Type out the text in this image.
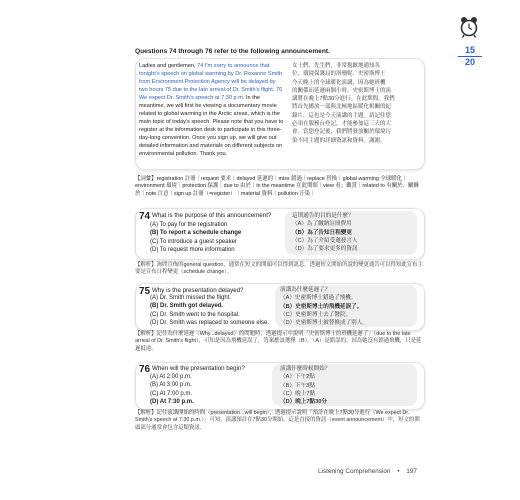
15
20
Questions 74 through 76 refer to the following announcement.
Ladies and gentlemen, 74 I'm sorry to announce that
tonight's speech on global warming by Dr. Roxanne Smith
from Environment Protection Agency will be delayed by
two hours 75 due to the late arrival of Dr. Smith's flight. 76
We expect Dr. Smith's speech at 7:30 p.m. In the
meantime, we will first be viewing a documentary movie
related to global warming in the Arctic areas, which is the
main topic of today's speech. Please note that you have to
register at the information desk to participate in this three-
day-long convention. Once you sign up, we will give out
detailed information and materials on different subjects on
environmental pollution. Thank you.
女士們、先生們，非常抱歉地通知各
位，環境保護局的洛珊妮．史密斯博士
今天晚上的全球暖化演講，因為她班機
的關係而延遲兩個小時，史密斯博士的演
講將在晚上7點30分進行。在此期間，我們
將首先播放一部與北極地區暖化相關的紀
錄片，這也是今天演講的主題。請記住您
必須在服務台登記，才能參加這三天的大
會。當您登記後，我們將發放關於環境污
染不同主題的詳細資訊和資料。謝謝。
【詞彙】registration 註冊｜request 要求｜delayed 延遲的｜miss 錯過｜replace 替換｜global warming 全球暖化｜environment 環境｜protection 保護｜due to 由於｜in the meantime 在此期間｜view 看；觀賞｜related to 有關於、關聯於｜note 注意｜sign up 註冊（=register）｜material 資料｜pollution 汙染｜
74 What is the purpose of this announcement?
(A) To pay for the registration
(B) To report a schedule change
(C) To introduce a guest speaker
(D) To request more information
這則通告的目的是什麼？
（A）為了繳納註冊費用
（B）為了告知日程變更
（C）為了介紹受邀發言人
（D）為了要求更多的資訊
【解析】詢問宣佈的general question，通常在短文的開頭可以得到訊息。透過短文開始所說的變更通告可以得知此宣布主要是宣布日程變更（schedule change）。
75 Why is the presentation delayed?
(A) Dr. Smith missed the flight.
(B) Dr. Smith got delayed.
(C) Dr. Smith went to the hospital.
(D) Dr. Smith was replaced to someone else.
演講為什麼延遲了？
（A）史密斯博士錯過了飛機。
（B）史密斯博士的飛機延誤了。
（C）史密斯博士去了醫院。
（D）史密斯博士被替換成了別人。
【解析】記住為什麼延遲（Why...delayed）的問題時，透過提示中說明「史密斯博士的班機延遲了」（due to the late arrival of Dr. Smith's flight），可知是因為飛機延誤了，答案應該選擇（B）。（A）是錯誤的，因為她沒有錯過飛機，只是延遲抵達。
76 When will the presentation begin?
(A) At 2:00 p.m.
(B) At 3:00 p.m.
(C) At 7:00 p.m.
(D) At 7:30 p.m.
演講什麼時候開始？
（A）下午2點
（B）下午3點
（C）晚上7點
（D）晚上7點30分
【解析】記住演講開始的時間（presentation...will begin），透過提示說明「預計在晚上7點30分進行（We expect Dr. Smith's speech at 7:30 p.m.）」可知，演講預計在7點30分開始，這是直接的資訊（event announcement）中，短文的開頭部分通常會包含這類資訊。
Listening Comprehension • 197
